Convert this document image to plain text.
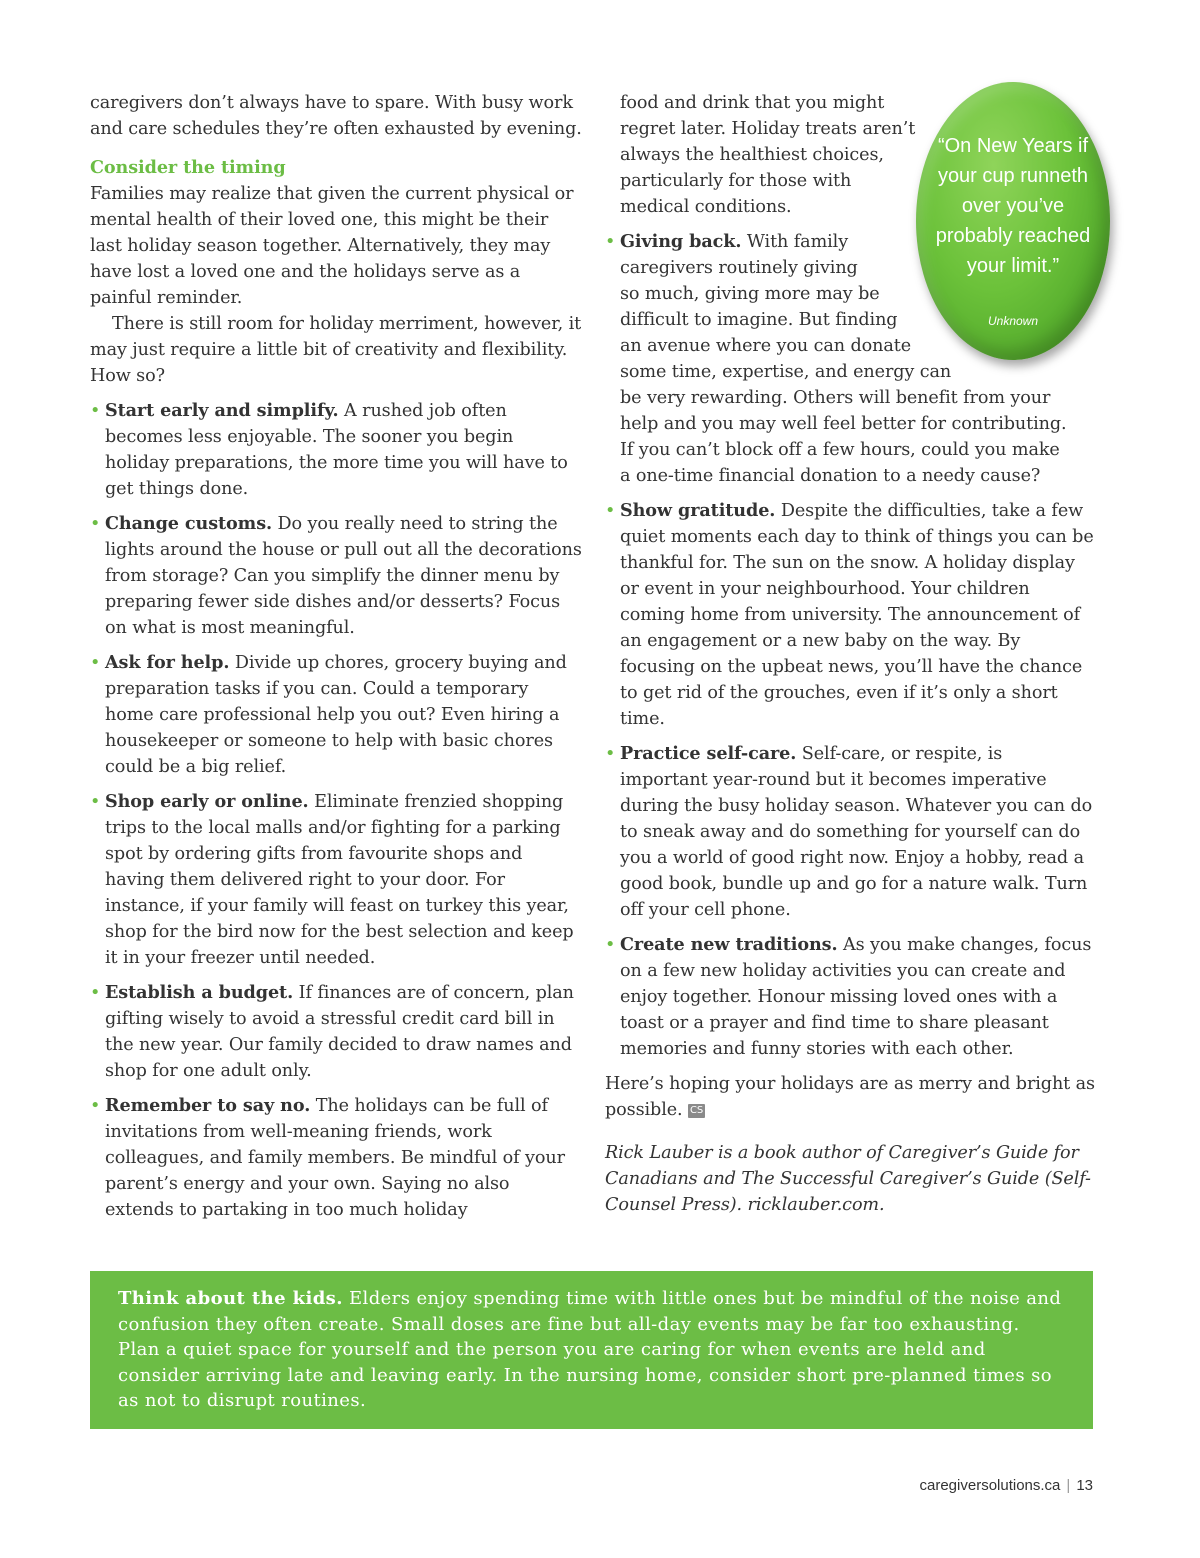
caregivers don’t always have to spare. With busy work and care schedules they’re often exhausted by evening.

Consider the timing

Families may realize that given the current physical or mental health of their loved one, this might be their last holiday season together. Alternatively, they may have lost a loved one and the holidays serve as a painful reminder.

There is still room for holiday merriment, however, it may just require a little bit of creativity and flexibility. How so?

• Start early and simplify. A rushed job often becomes less enjoyable. The sooner you begin holiday preparations, the more time you will have to get things done.

• Change customs. Do you really need to string the lights around the house or pull out all the decorations from storage? Can you simplify the dinner menu by preparing fewer side dishes and/or desserts? Focus on what is most meaningful.

• Ask for help. Divide up chores, grocery buying and preparation tasks if you can. Could a temporary home care professional help you out? Even hiring a housekeeper or someone to help with basic chores could be a big relief.

• Shop early or online. Eliminate frenzied shopping trips to the local malls and/or fighting for a parking spot by ordering gifts from favourite shops and having them delivered right to your door. For instance, if your family will feast on turkey this year, shop for the bird now for the best selection and keep it in your freezer until needed.

• Establish a budget. If finances are of concern, plan gifting wisely to avoid a stressful credit card bill in the new year. Our family decided to draw names and shop for one adult only.

• Remember to say no. The holidays can be full of invitations from well-meaning friends, work colleagues, and family members. Be mindful of your parent’s energy and your own. Saying no also extends to partaking in too much holiday

food and drink that you might
regret later. Holiday treats aren’t
always the healthiest choices,
particularly for those with
medical conditions.
• Giving back. With family
caregivers routinely giving
so much, giving more may be
difficult to imagine. But finding
an avenue where you can donate
some time, expertise, and energy can
be very rewarding. Others will benefit from your
help and you may well feel better for contributing.
If you can’t block off a few hours, could you make
a one-time financial donation to a needy cause?

• Show gratitude. Despite the difficulties, take a few quiet moments each day to think of things you can be thankful for. The sun on the snow. A holiday display or event in your neighbourhood. Your children coming home from university. The announcement of an engagement or a new baby on the way. By focusing on the upbeat news, you’ll have the chance to get rid of the grouches, even if it’s only a short time.

• Practice self-care. Self-care, or respite, is important year-round but it becomes imperative during the busy holiday season. Whatever you can do to sneak away and do something for yourself can do you a world of good right now. Enjoy a hobby, read a good book, bundle up and go for a nature walk. Turn off your cell phone.

• Create new traditions. As you make changes, focus on a few new holiday activities you can create and enjoy together. Honour missing loved ones with a toast or a prayer and find time to share pleasant memories and funny stories with each other.

Here’s hoping your holidays are as merry and bright as possible. CS

Rick Lauber is a book author of Caregiver’s Guide for Canadians and The Successful Caregiver’s Guide (Self-Counsel Press). ricklauber.com.

“On New Years if your cup runneth over you’ve probably reached your limit.”
Unknown
Think about the kids. Elders enjoy spending time with little ones but be mindful of the noise and confusion they often create. Small doses are fine but all-day events may be far too exhausting. Plan a quiet space for yourself and the person you are caring for when events are held and consider arriving late and leaving early. In the nursing home, consider short pre-planned times so as not to disrupt routines.
caregiversolutions.ca | 13
